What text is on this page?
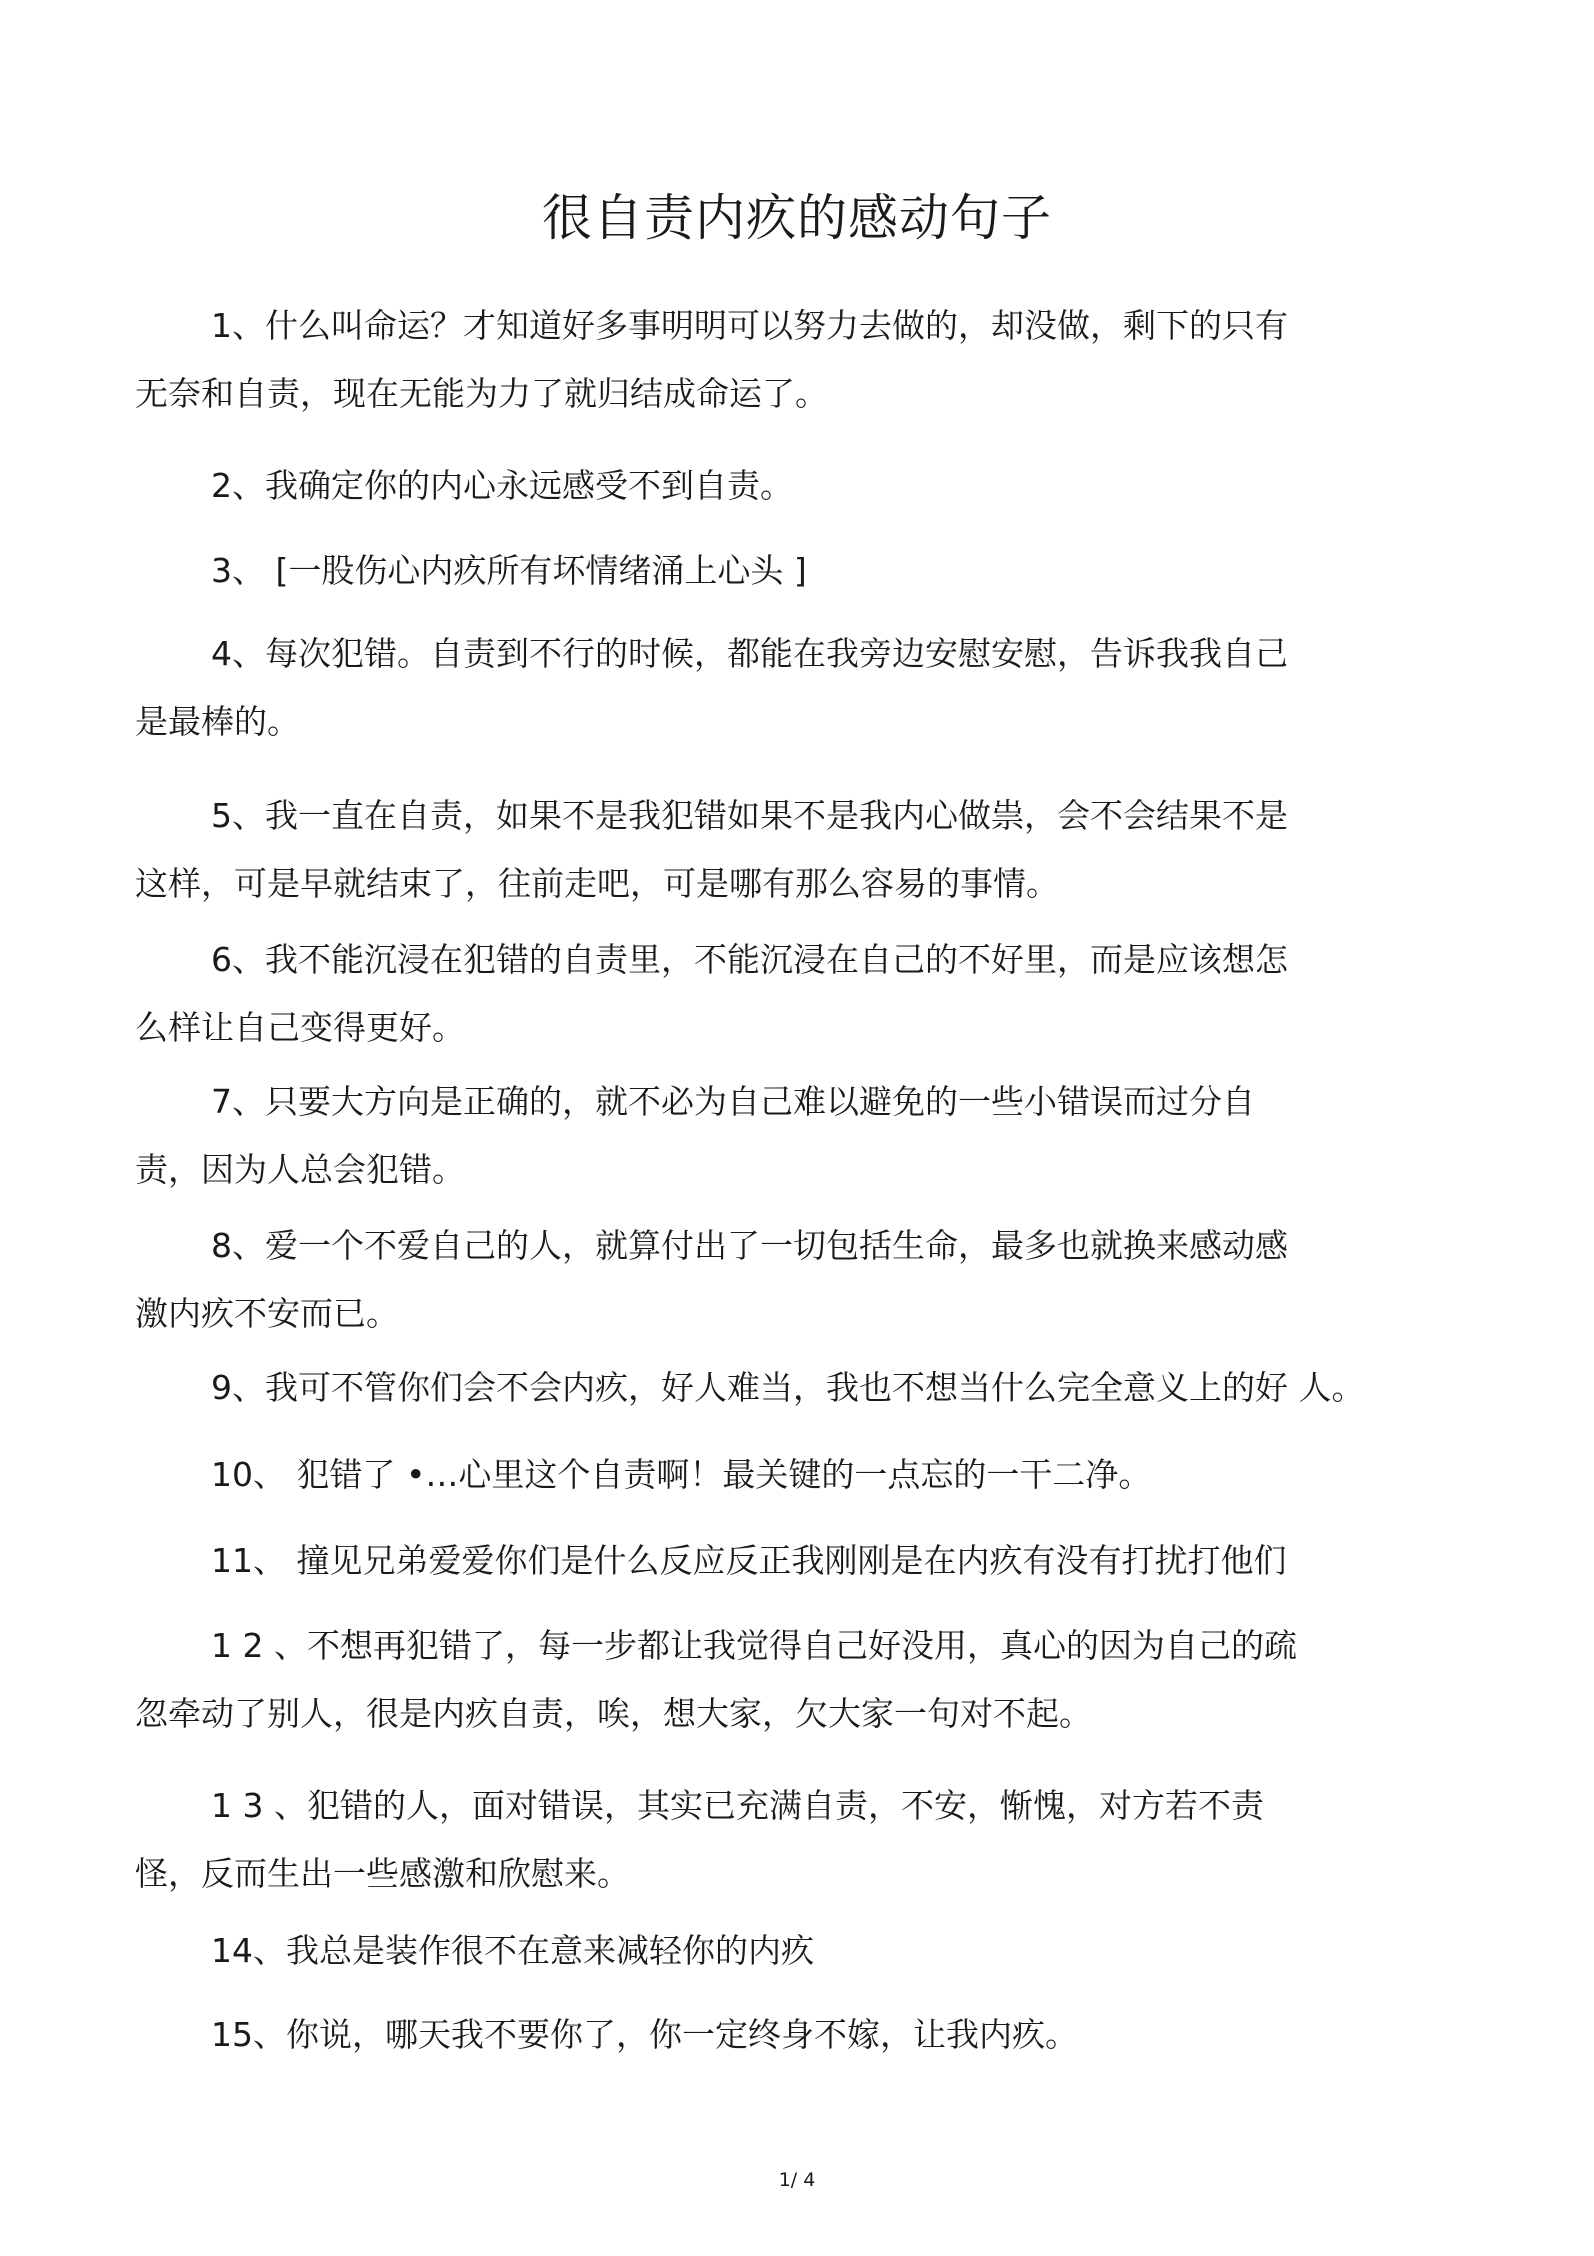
很自责内疚的感动句子
1、什么叫命运？才知道好多事明明可以努力去做的，却没做，剩下的只有
无奈和自责，现在无能为力了就归结成命运了。
2、我确定你的内心永远感受不到自责。
3、 [一股伤心内疚所有坏情绪涌上心头 ]
4、每次犯错。自责到不行的时候，都能在我旁边安慰安慰，告诉我我自己
是最棒的。
5、我一直在自责，如果不是我犯错如果不是我内心做祟，会不会结果不是
这样，可是早就结束了，往前走吧，可是哪有那么容易的事情。
6、我不能沉浸在犯错的自责里，不能沉浸在自己的不好里，而是应该想怎
么样让自己变得更好。
7、只要大方向是正确的，就不必为自己难以避免的一些小错误而过分自
责，因为人总会犯错。
8、爱一个不爱自己的人，就算付出了一切包括生命，最多也就换来感动感
激内疚不安而已。
9、我可不管你们会不会内疚，好人难当，我也不想当什么完全意义上的好 人。
10、 犯错了 •…心里这个自责啊！最关键的一点忘的一干二净。
11、 撞见兄弟爱爱你们是什么反应反正我刚刚是在内疚有没有打扰打他们
1 2 、不想再犯错了，每一步都让我觉得自己好没用，真心的因为自己的疏
忽牵动了别人，很是内疚自责，唉，想大家，欠大家一句对不起。
1 3 、犯错的人，面对错误，其实已充满自责，不安，惭愧，对方若不责
怪，反而生出一些感激和欣慰来。
14、我总是装作很不在意来减轻你的内疚
15、你说，哪天我不要你了，你一定终身不嫁，让我内疚。
1/ 4
